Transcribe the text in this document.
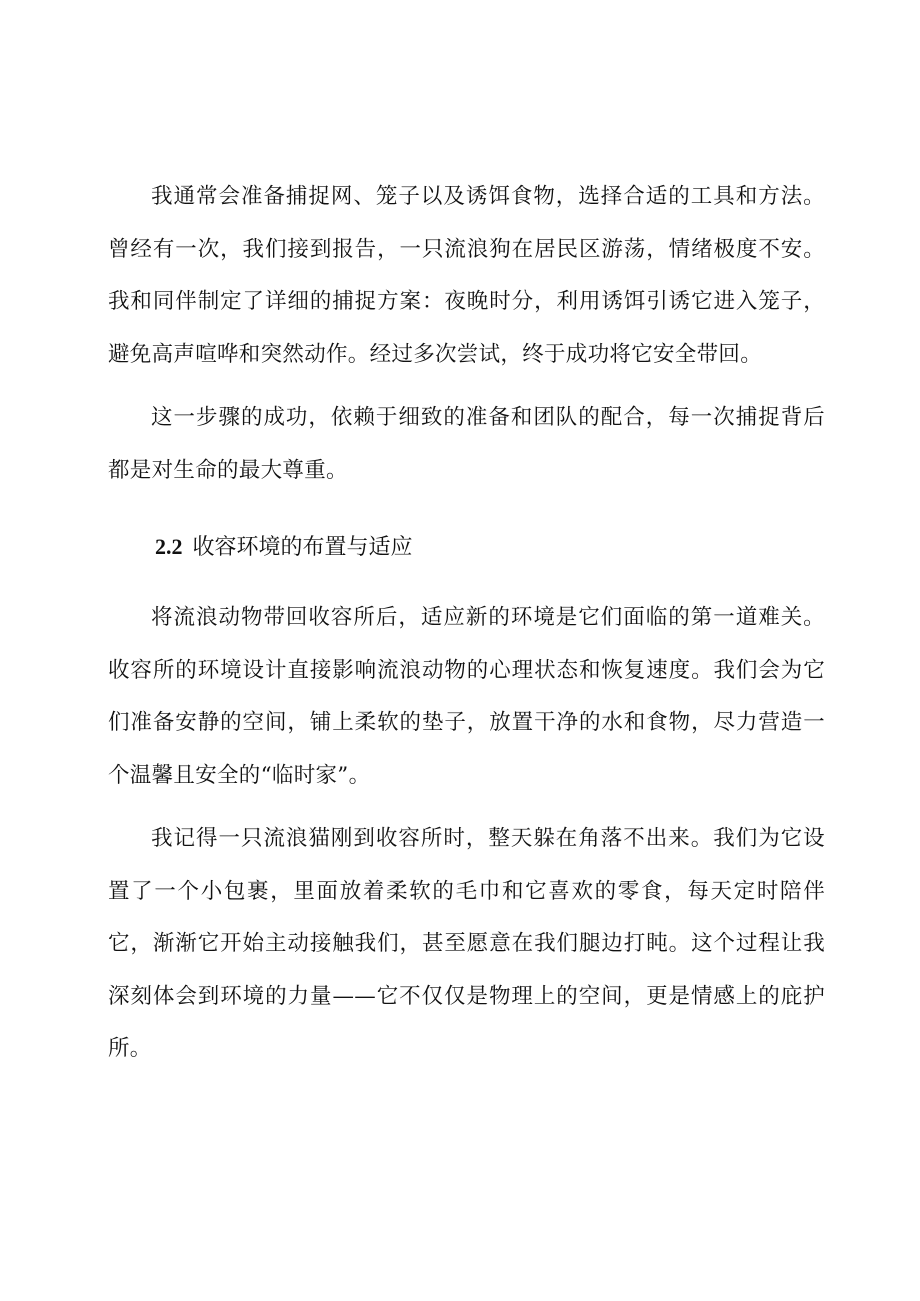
我通常会准备捕捉网、笼子以及诱饵食物，选择合适的工具和方法。曾经有一次，我们接到报告，一只流浪狗在居民区游荡，情绪极度不安。我和同伴制定了详细的捕捉方案：夜晚时分，利用诱饵引诱它进入笼子，避免高声喧哗和突然动作。经过多次尝试，终于成功将它安全带回。

这一步骤的成功，依赖于细致的准备和团队的配合，每一次捕捉背后都是对生命的最大尊重。

2.2 收容环境的布置与适应

将流浪动物带回收容所后，适应新的环境是它们面临的第一道难关。收容所的环境设计直接影响流浪动物的心理状态和恢复速度。我们会为它们准备安静的空间，铺上柔软的垫子，放置干净的水和食物，尽力营造一个温馨且安全的“临时家”。

我记得一只流浪猫刚到收容所时，整天躲在角落不出来。我们为它设置了一个小包裹，里面放着柔软的毛巾和它喜欢的零食，每天定时陪伴它，渐渐它开始主动接触我们，甚至愿意在我们腿边打盹。这个过程让我深刻体会到环境的力量——它不仅仅是物理上的空间，更是情感上的庇护所。
